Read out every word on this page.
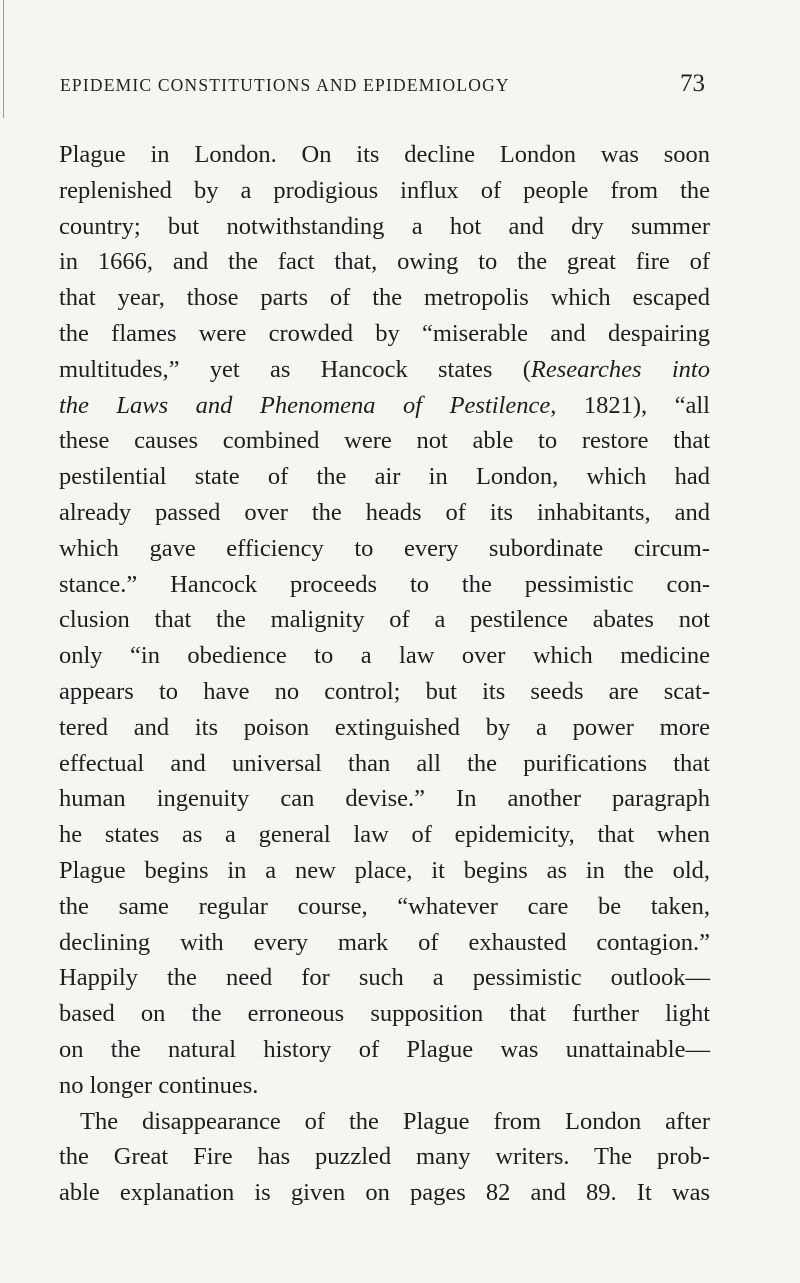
EPIDEMIC CONSTITUTIONS AND EPIDEMIOLOGY	73

Plague in London. On its decline London was soon
replenished by a prodigious influx of people from the
country; but notwithstanding a hot and dry summer
in 1666, and the fact that, owing to the great fire of
that year, those parts of the metropolis which escaped
the flames were crowded by “miserable and despairing
multitudes,” yet as Hancock states (Researches into
the Laws and Phenomena of Pestilence, 1821), “all
these causes combined were not able to restore that
pestilential state of the air in London, which had
already passed over the heads of its inhabitants, and
which gave efficiency to every subordinate circum-
stance.” Hancock proceeds to the pessimistic con-
clusion that the malignity of a pestilence abates not
only “in obedience to a law over which medicine
appears to have no control; but its seeds are scat-
tered and its poison extinguished by a power more
effectual and universal than all the purifications that
human ingenuity can devise.” In another paragraph
he states as a general law of epidemicity, that when
Plague begins in a new place, it begins as in the old,
the same regular course, “whatever care be taken,
declining with every mark of exhausted contagion.”
Happily the need for such a pessimistic outlook—
based on the erroneous supposition that further light
on the natural history of Plague was unattainable—
no longer continues.

The disappearance of the Plague from London after
the Great Fire has puzzled many writers. The prob-
able explanation is given on pages 82 and 89. It was
